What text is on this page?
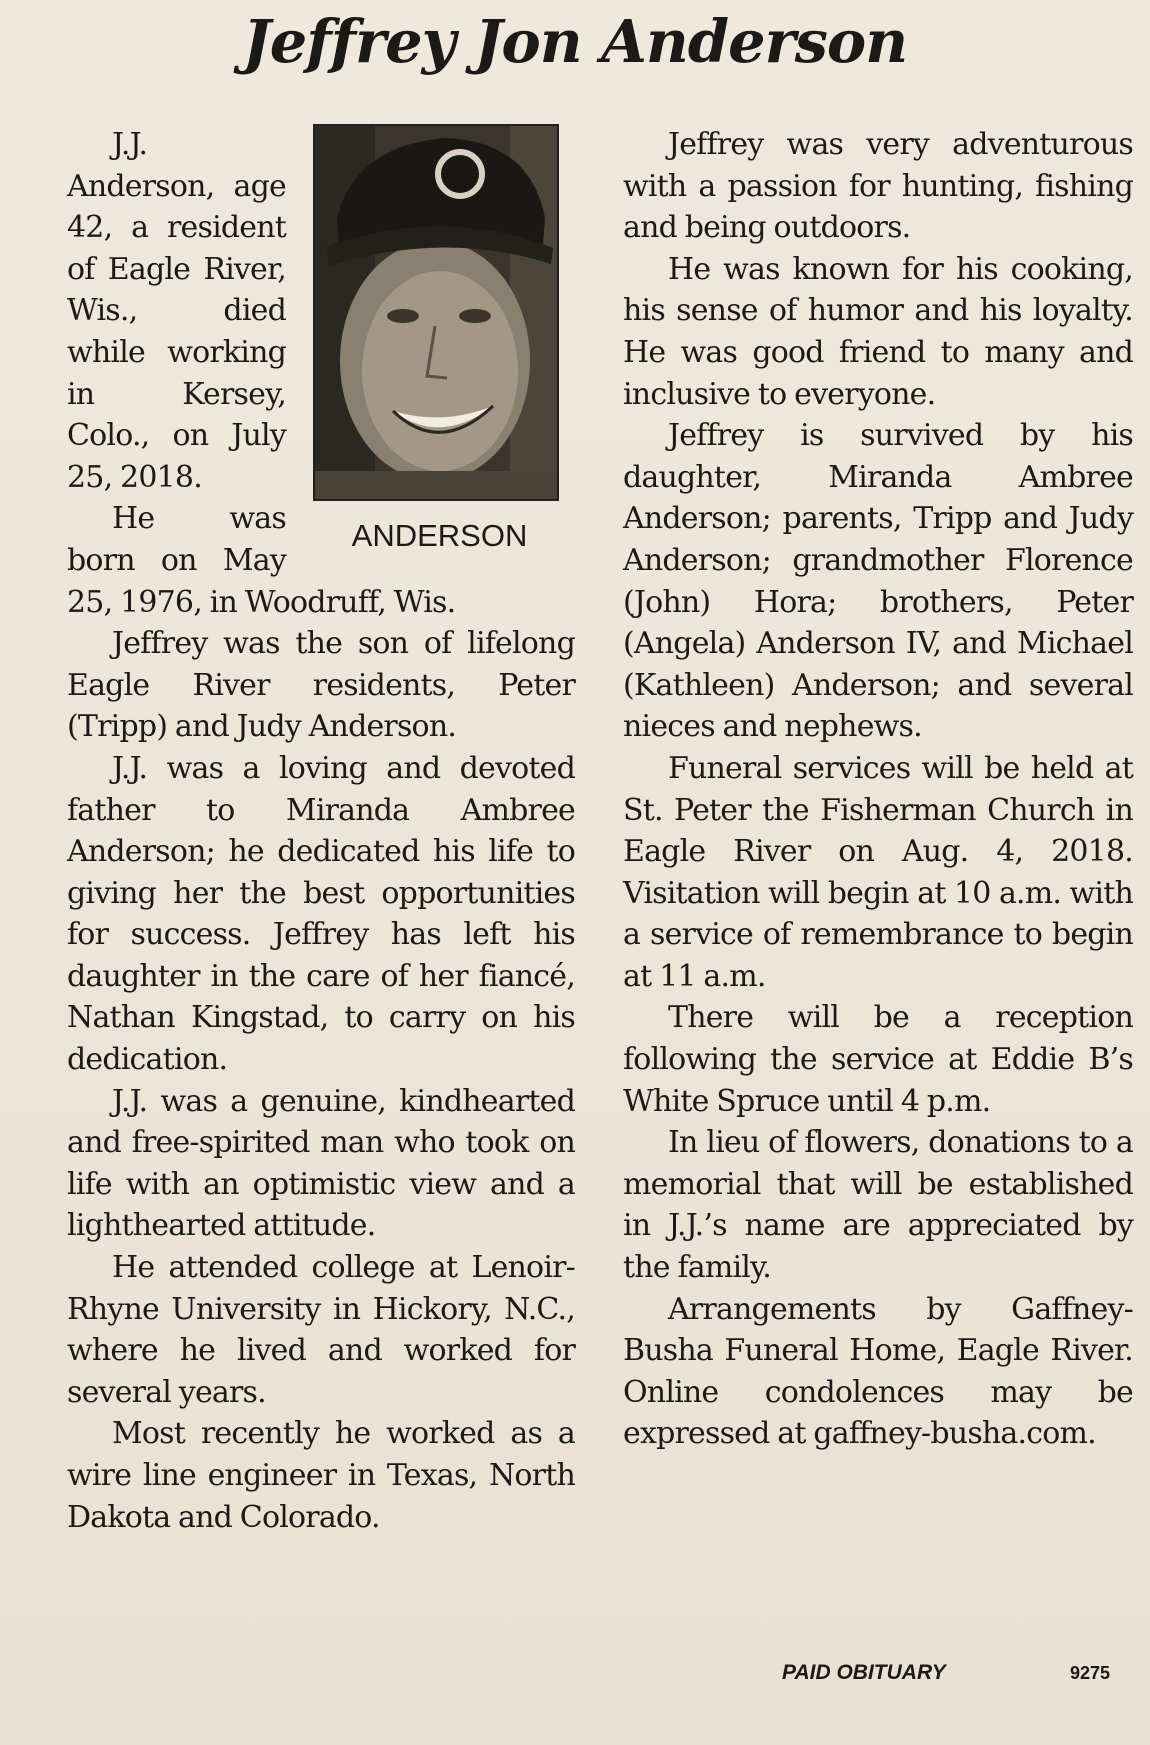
Jeffrey Jon Anderson
ANDERSON

J.J. Anderson, age 42, a resident of Eagle River, Wis., died while working in Kersey, Colo., on July 25, 2018.

He was born on May 25, 1976, in Woodruff, Wis.

Jeffrey was the son of lifelong Eagle River residents, Peter (Tripp) and Judy Anderson.

J.J. was a loving and devoted father to Miranda Ambree Anderson; he dedicated his life to giving her the best opportunities for success. Jeffrey has left his daughter in the care of her fiancé, Nathan Kingstad, to carry on his dedication.

J.J. was a genuine, kindhearted and free-spirited man who took on life with an optimistic view and a lighthearted attitude.

He attended college at Lenoir-Rhyne University in Hickory, N.C., where he lived and worked for several years.

Most recently he worked as a wire line engineer in Texas, North Dakota and Colorado.

Jeffrey was very adventurous with a passion for hunting, fishing and being outdoors.

He was known for his cooking, his sense of humor and his loyalty. He was good friend to many and inclusive to everyone.

Jeffrey is survived by his daughter, Miranda Ambree Anderson; parents, Tripp and Judy Anderson; grandmother Florence (John) Hora; brothers, Peter (Angela) Anderson IV, and Michael (Kathleen) Anderson; and several nieces and nephews.

Funeral services will be held at St. Peter the Fisherman Church in Eagle River on Aug. 4, 2018. Visitation will begin at 10 a.m. with a service of remembrance to begin at 11 a.m.

There will be a reception following the service at Eddie B’s White Spruce until 4 p.m.

In lieu of flowers, donations to a memorial that will be established in J.J.’s name are appreciated by the family.

Arrangements by Gaffney-Busha Funeral Home, Eagle River. Online condolences may be expressed at gaffney-busha.com.

PAID OBITUARY	9275
